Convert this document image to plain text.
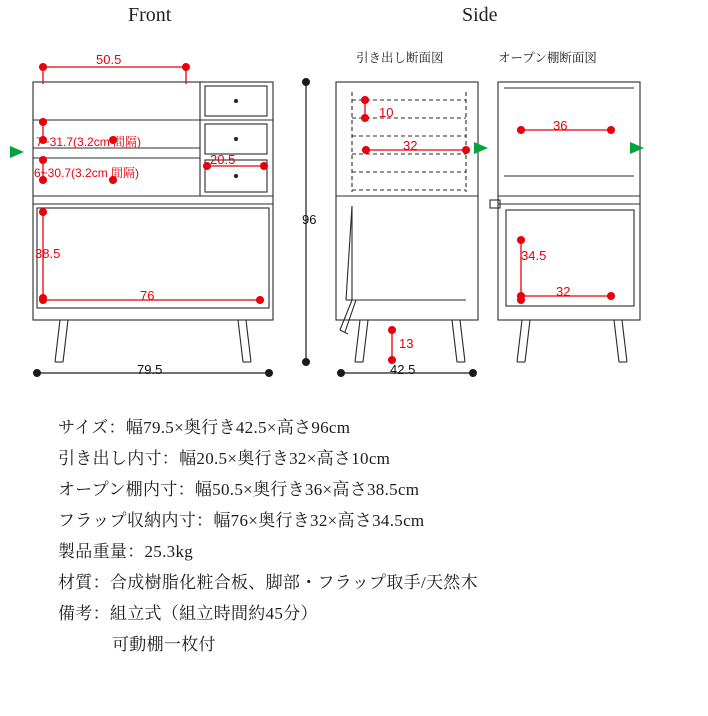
Front	Side
引き出し断面図	オープン棚断面図
50.5
7~31.7(3.2cm 間隔)
6~30.7(3.2cm 間隔)
20.5
38.5
76
79.5
96
10
32
13
42.5
36
34.5
32
サイズ：幅79.5×奥行き42.5×高さ96cm
引き出し内寸：幅20.5×奥行き32×高さ10cm
オープン棚内寸：幅50.5×奥行き36×高さ38.5cm
フラップ収納内寸：幅76×奥行き32×高さ34.5cm
製品重量：25.3kg
材質：合成樹脂化粧合板、脚部・フラップ取手/天然木
備考：組立式（組立時間約45分）
可動棚一枚付
